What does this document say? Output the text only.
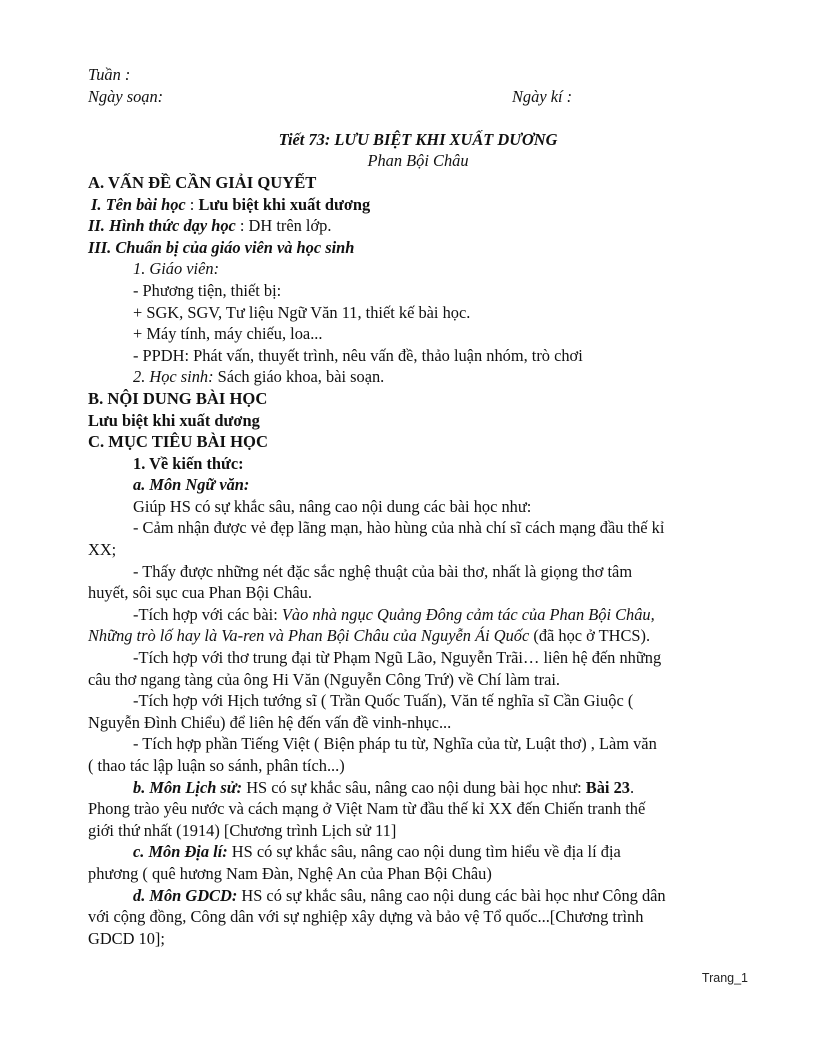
Tuần :
Ngày soạn:	Ngày kí :
Tiết 73: LƯU BIỆT KHI XUẤT DƯƠNG
Phan Bội Châu
A. VẤN ĐỀ CẦN GIẢI QUYẾT
I. Tên bài học : Lưu biệt khi xuất dương
II. Hình thức dạy học : DH trên lớp.
III. Chuẩn bị của giáo viên và học sinh
1. Giáo viên:
- Phương tiện, thiết bị:
+ SGK, SGV, Tư liệu Ngữ Văn 11, thiết kế bài học.
+ Máy tính, máy chiếu, loa...
- PPDH: Phát vấn, thuyết trình, nêu vấn đề, thảo luận nhóm, trò chơi
2. Học sinh: Sách giáo khoa, bài soạn.
B. NỘI DUNG BÀI HỌC
Lưu biệt khi xuất dương
C. MỤC TIÊU BÀI HỌC
1. Về kiến thức:
a. Môn Ngữ văn:
Giúp HS có sự khắc sâu, nâng cao nội dung các bài học như:
- Cảm nhận được vẻ đẹp lãng mạn, hào hùng của nhà chí sĩ cách mạng đầu thế kỉ
XX;
- Thấy được những nét đặc sắc nghệ thuật của bài thơ, nhất là giọng thơ tâm
huyết, sôi sục cua Phan Bội Châu.
-Tích hợp với các bài: Vào nhà ngục Quảng Đông cảm tác của Phan Bội Châu,
Những trò lố hay là Va-ren và Phan Bội Châu của Nguyễn Ái Quốc (đã học ở THCS).
-Tích hợp với thơ trung đại từ Phạm Ngũ Lão, Nguyễn Trãi… liên hệ đến những
câu thơ ngang tàng của ông Hi Văn (Nguyễn Công Trứ) về Chí làm trai.
-Tích hợp với Hịch tướng sĩ ( Trần Quốc Tuấn), Văn tế nghĩa sĩ Cần Giuộc (
Nguyễn Đình Chiểu) để liên hệ đến vấn đề vinh-nhục...
- Tích hợp phần Tiếng Việt ( Biện pháp tu từ, Nghĩa của từ, Luật thơ) , Làm văn
( thao tác lập luận so sánh, phân tích...)
b. Môn Lịch sử: HS có sự khắc sâu, nâng cao nội dung bài học như: Bài 23.
Phong trào yêu nước và cách mạng ở Việt Nam từ đầu thế kỉ XX đến Chiến tranh thế
giới thứ nhất (1914) [Chương trình Lịch sử 11]
c. Môn Địa lí: HS có sự khắc sâu, nâng cao nội dung tìm hiểu về địa lí địa
phương ( quê hương Nam Đàn, Nghệ An của Phan Bội Châu)
d. Môn GDCD: HS có sự khắc sâu, nâng cao nội dung các bài học như Công dân
với cộng đồng, Công dân với sự nghiệp xây dựng và bảo vệ Tổ quốc...[Chương trình
GDCD 10];
Trang_1
